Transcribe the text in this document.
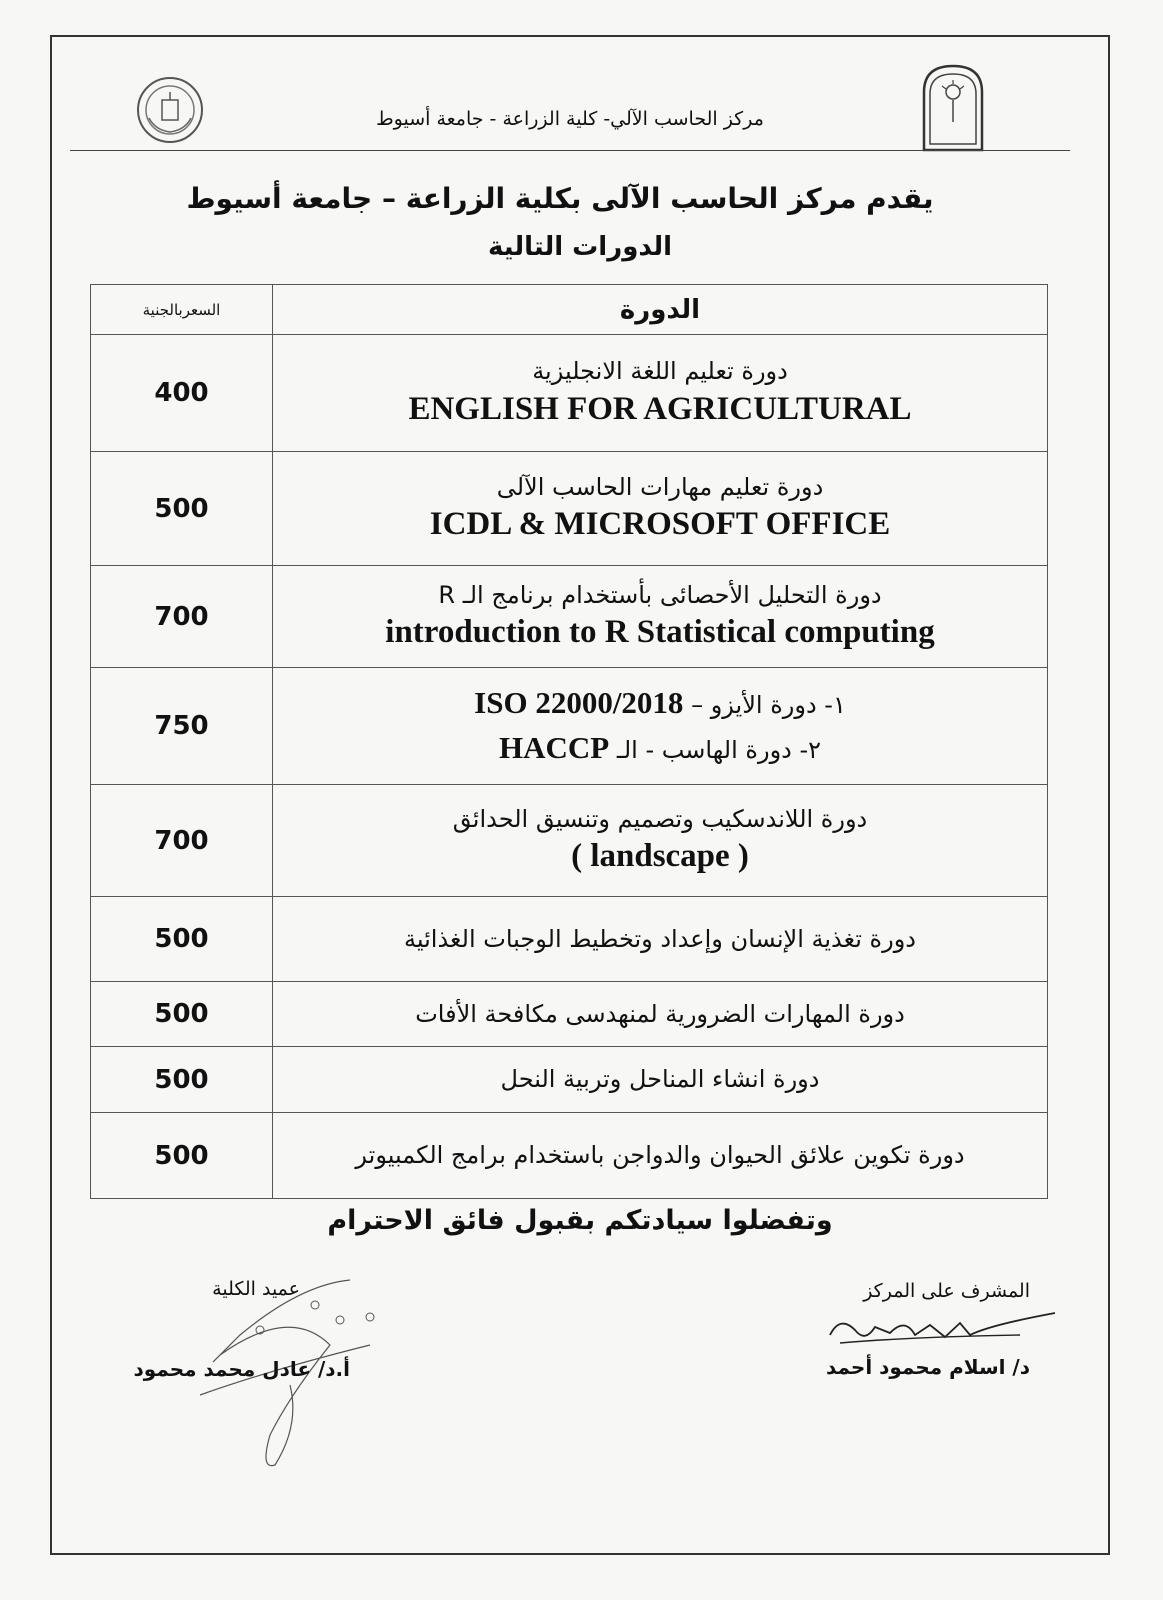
مركز الحاسب الآلي- كلية الزراعة - جامعة أسيوط
يقدم مركز الحاسب الآلى بكلية الزراعة – جامعة أسيوط
الدورات التالية
السعربالجنية	الدورة
400	دورة تعليم اللغة الانجليزية
ENGLISH FOR AGRICULTURAL

500	دورة تعليم مهارات الحاسب الآلى
ICDL & MICROSOFT OFFICE

700	دورة التحليل الأحصائى بأستخدام برنامج الـ R
introduction to R Statistical computing

750	١- دورة الأيزو – ISO 22000/2018
٢- دورة الهاسب - الـ HACCP

700	دورة اللاندسكيب وتصميم وتنسيق الحدائق
( landscape )

500	دورة تغذية الإنسان وإعداد وتخطيط الوجبات الغذائية

500	دورة المهارات الضرورية لمنهدسى مكافحة الأفات

500	دورة انشاء المناحل وتربية النحل

500	دورة تكوين علائق الحيوان والدواجن باستخدام برامج الكمبيوتر
وتفضلوا سيادتكم بقبول فائق الاحترام
المشرف على المركز
د/ اسلام محمود أحمد
عميد الكلية
أ.د/ عادل محمد محمود
